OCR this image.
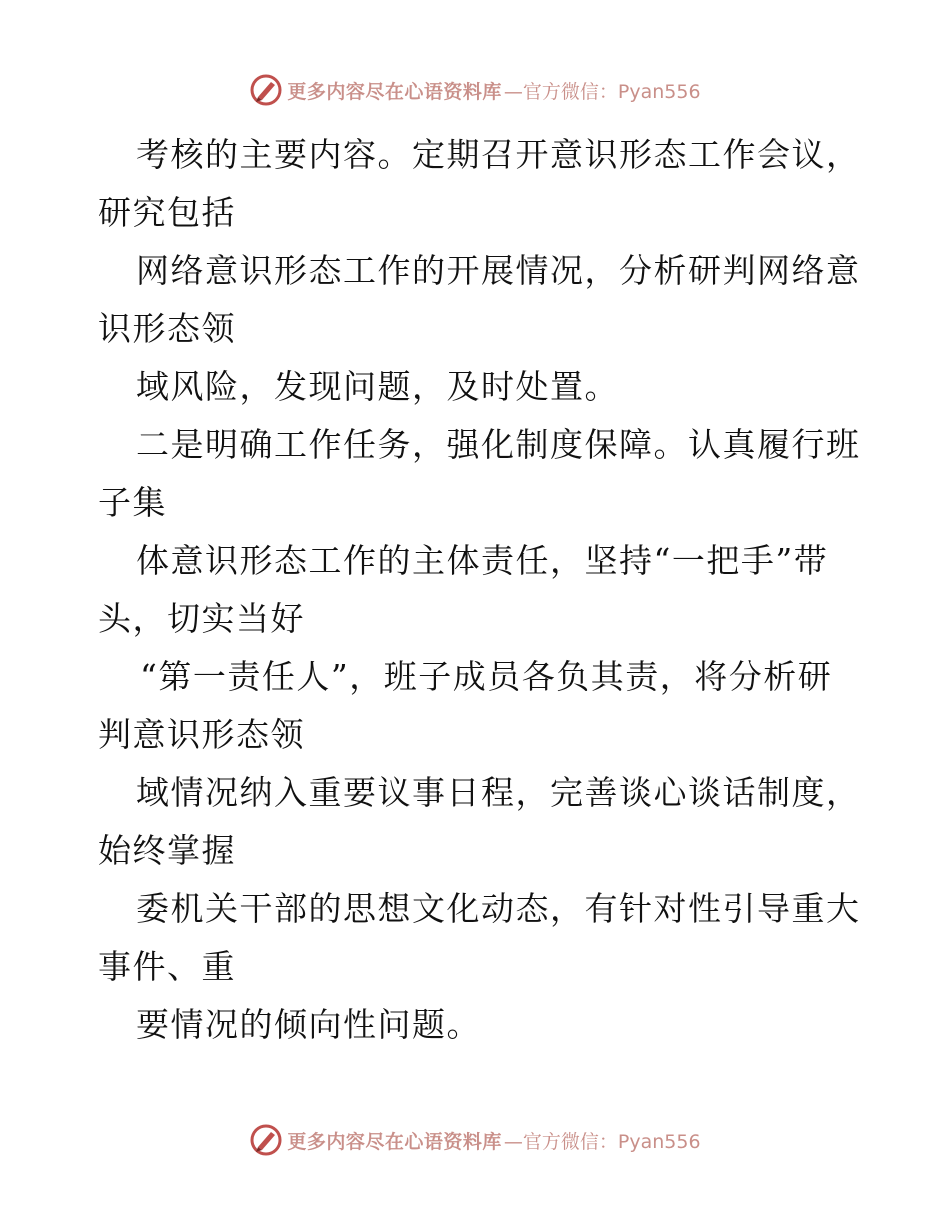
更多内容尽在心语资料库 —官方微信：Pyan556
考核的主要内容。定期召开意识形态工作会议，
研究包括
网络意识形态工作的开展情况，分析研判网络意
识形态领
域风险，发现问题，及时处置。
二是明确工作任务，强化制度保障。认真履行班
子集
体意识形态工作的主体责任，坚持“一把手”带
头，切实当好
“第一责任人”，班子成员各负其责，将分析研
判意识形态领
域情况纳入重要议事日程，完善谈心谈话制度，
始终掌握
委机关干部的思想文化动态，有针对性引导重大
事件、重
要情况的倾向性问题。
更多内容尽在心语资料库 —官方微信：Pyan556
